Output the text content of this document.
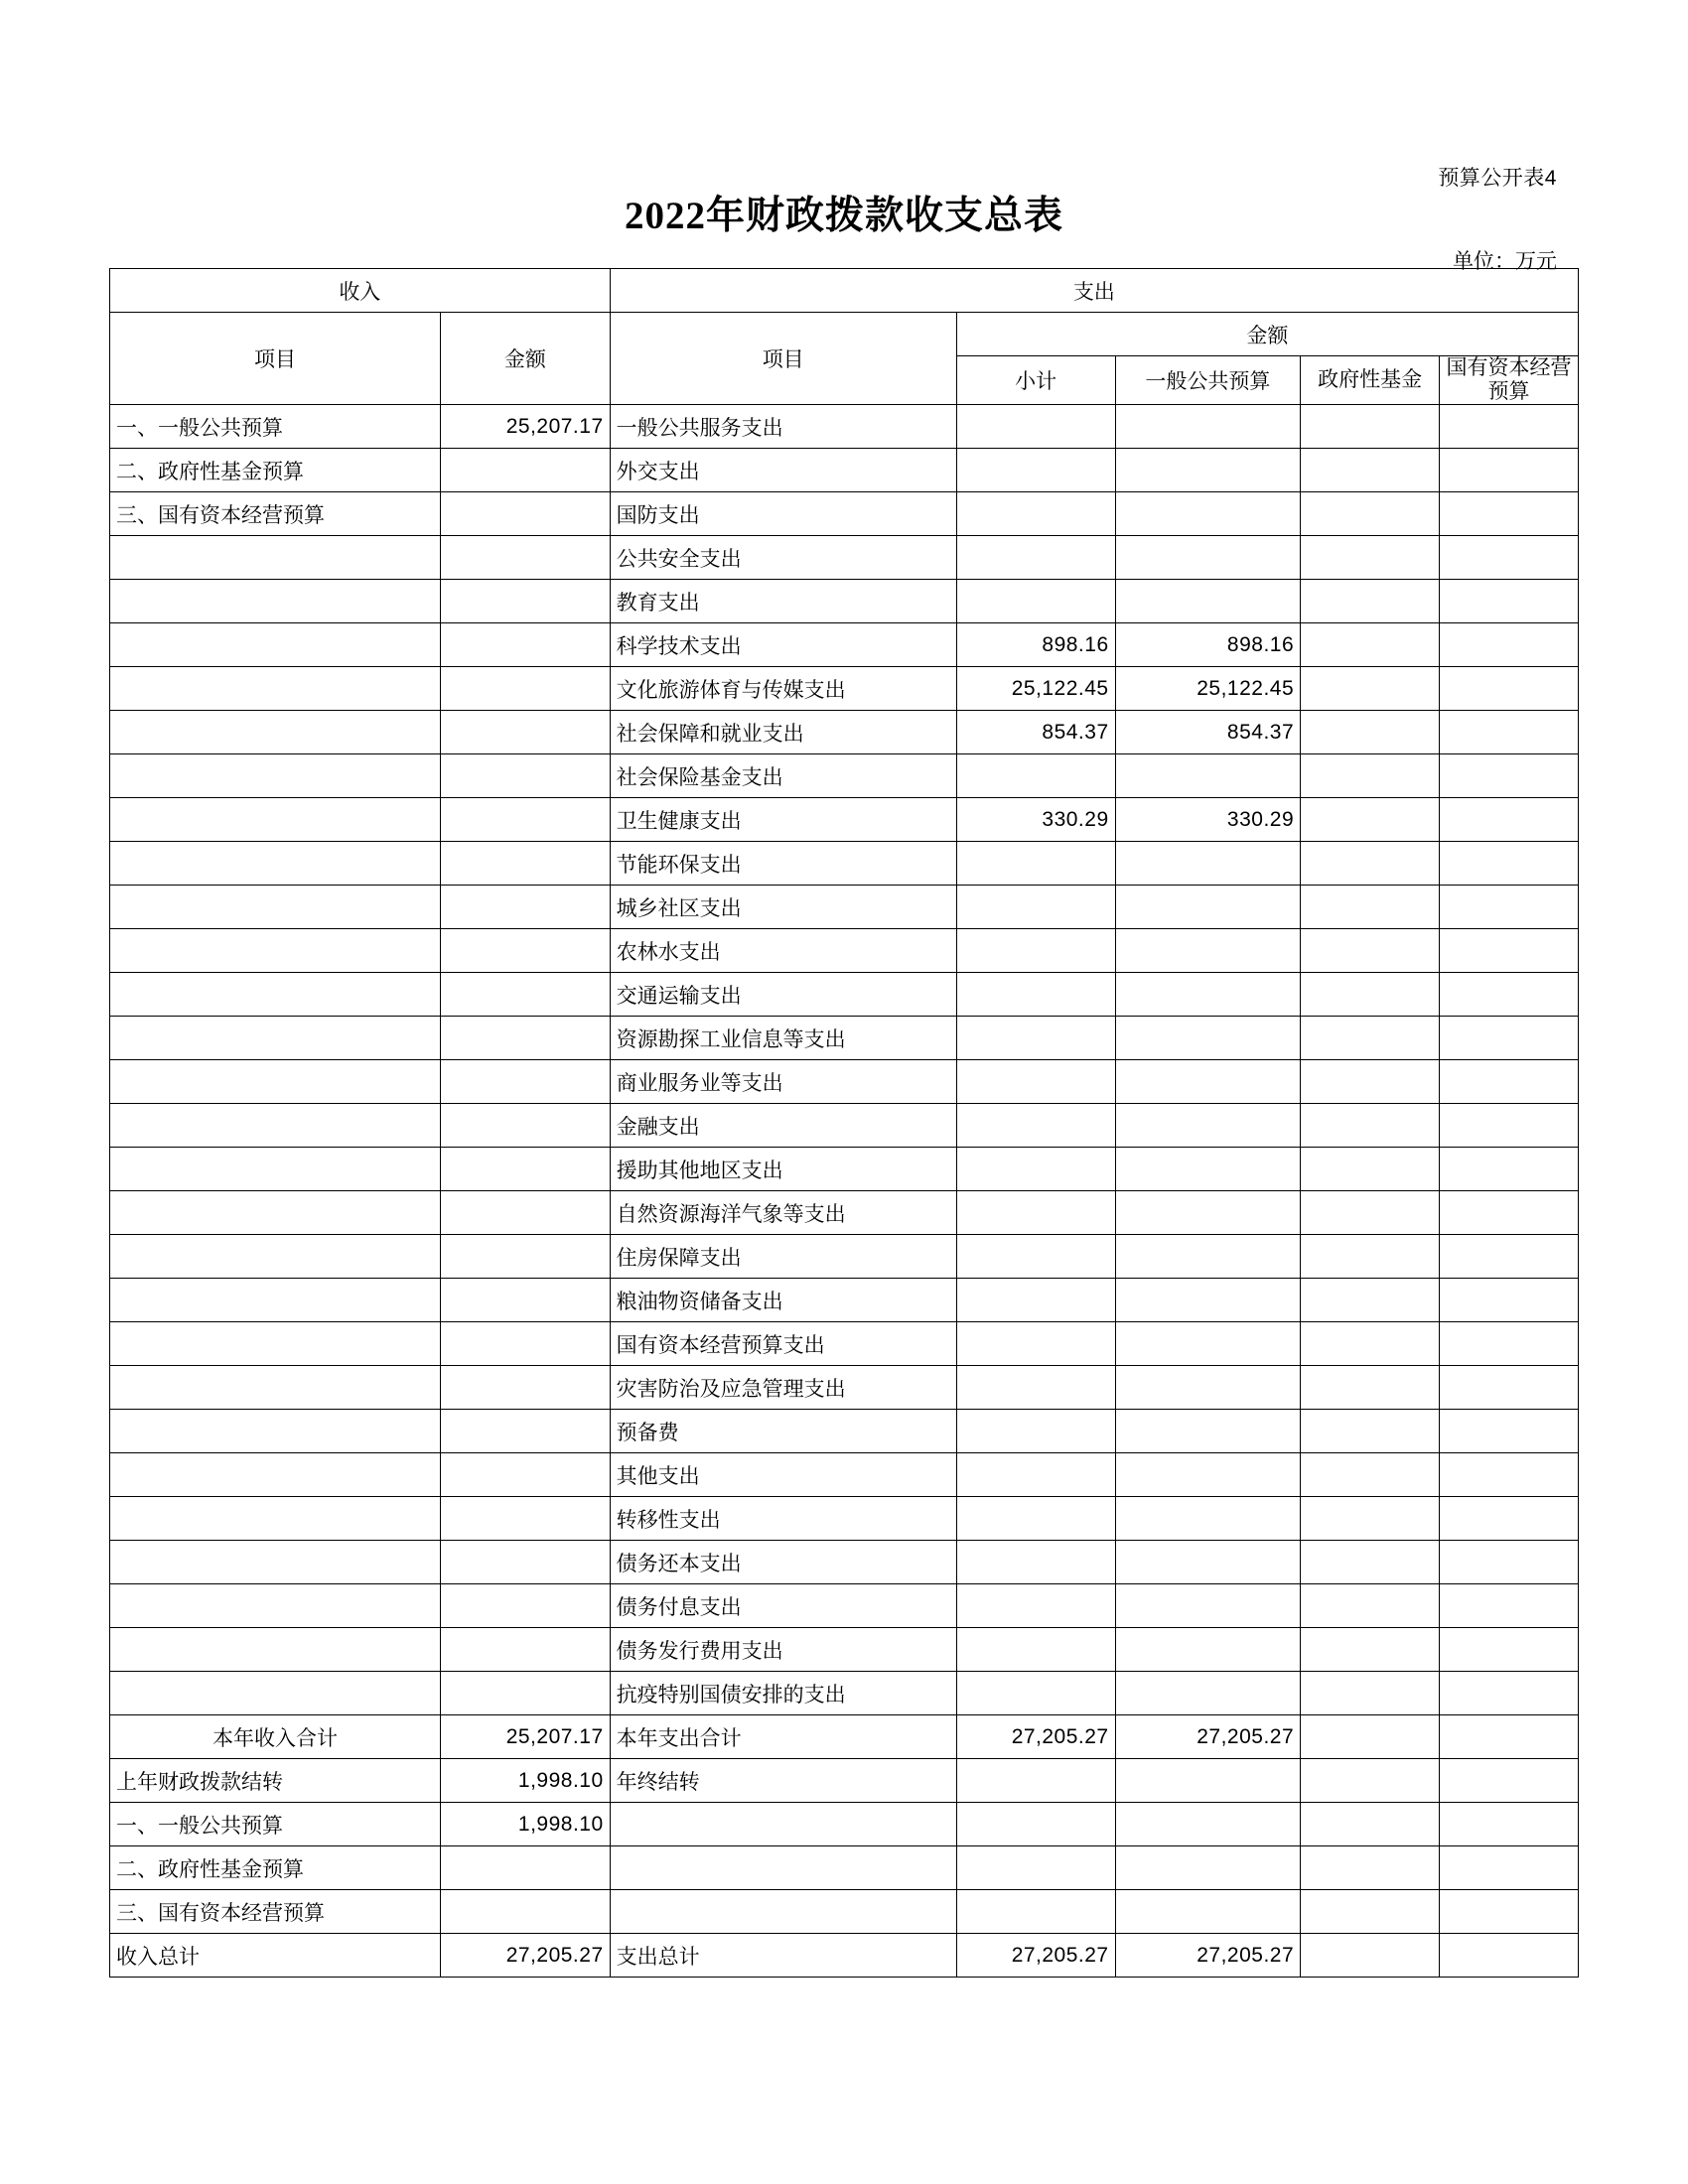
预算公开表4
2022年财政拨款收支总表
单位：万元
收入		支出				
项目	金额	项目	金额			
			小计	一般公共预算	政府性基金	国有资本经营预算
一、一般公共预算	25,207.17	一般公共服务支出				
二、政府性基金预算		外交支出				
三、国有资本经营预算		国防支出				
		公共安全支出				
		教育支出				
		科学技术支出	898.16	898.16		
		文化旅游体育与传媒支出	25,122.45	25,122.45		
		社会保障和就业支出	854.37	854.37		
		社会保险基金支出				
		卫生健康支出	330.29	330.29		
		节能环保支出				
		城乡社区支出				
		农林水支出				
		交通运输支出				
		资源勘探工业信息等支出				
		商业服务业等支出				
		金融支出				
		援助其他地区支出				
		自然资源海洋气象等支出				
		住房保障支出				
		粮油物资储备支出				
		国有资本经营预算支出				
		灾害防治及应急管理支出				
		预备费				
		其他支出				
		转移性支出				
		债务还本支出				
		债务付息支出				
		债务发行费用支出				
		抗疫特别国债安排的支出				
本年收入合计	25,207.17	本年支出合计	27,205.27	27,205.27		
上年财政拨款结转	1,998.10	年终结转				
一、一般公共预算	1,998.10					
二、政府性基金预算						
三、国有资本经营预算						
收入总计	27,205.27	支出总计	27,205.27	27,205.27		
